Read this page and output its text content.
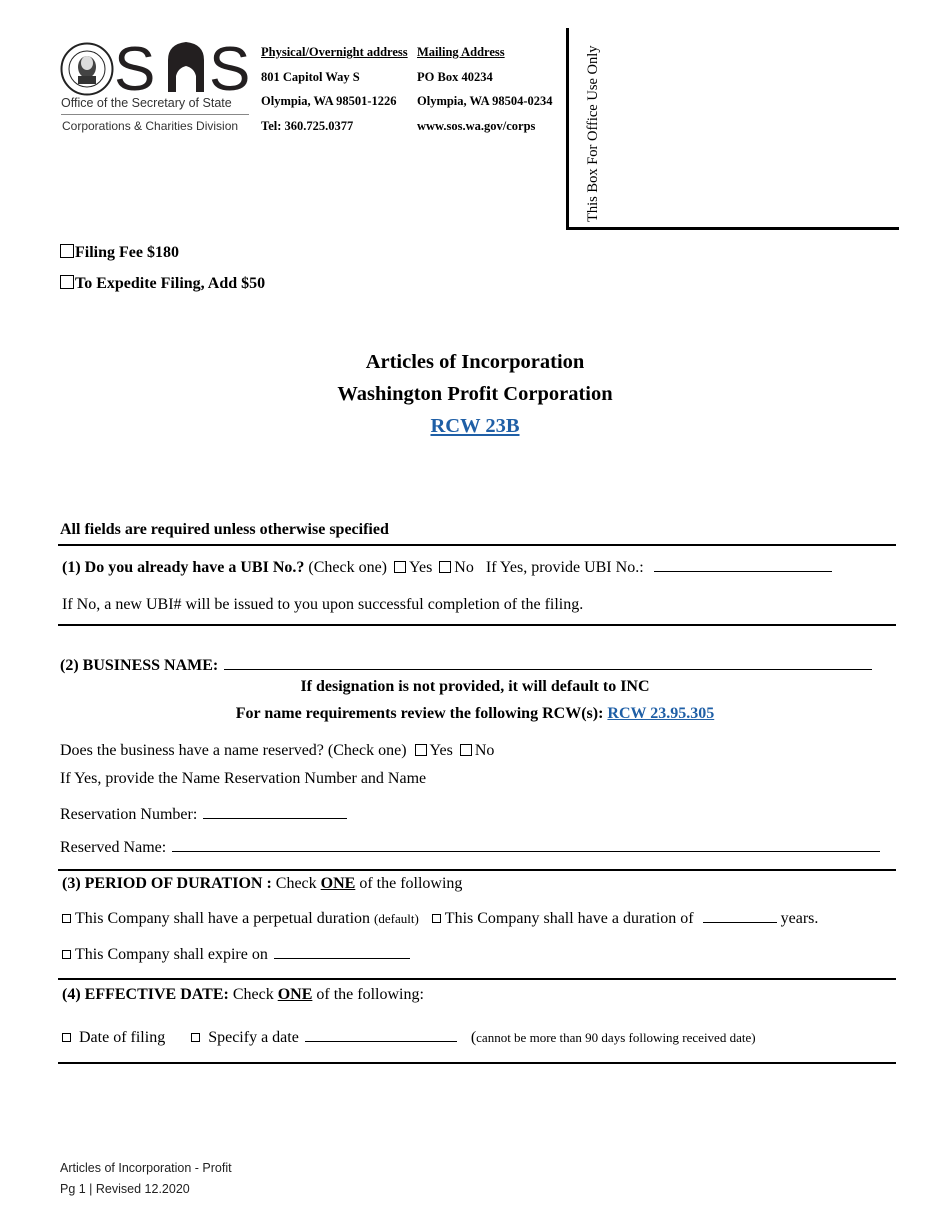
S S
Office of the Secretary of State
Corporations & Charities Division
Physical/Overnight address
801 Capitol Way S
Olympia, WA 98501-1226
Tel: 360.725.0377
Mailing Address
PO Box 40234
Olympia, WA 98504-0234
www.sos.wa.gov/corps	This Box For Office Use Only
Filing Fee $180
To Expedite Filing, Add $50
Articles of Incorporation
Washington Profit Corporation
RCW 23B
All fields are required unless otherwise specified
(1) Do you already have a UBI No.? (Check one) Yes No If Yes, provide UBI No.:
If No, a new UBI# will be issued to you upon successful completion of the filing.
(2) BUSINESS NAME:
If designation is not provided, it will default to INC
For name requirements review the following RCW(s): RCW 23.95.305
Does the business have a name reserved? (Check one) Yes No
If Yes, provide the Name Reservation Number and Name
Reservation Number:
Reserved Name:
(3) PERIOD OF DURATION : Check ONE of the following
This Company shall have a perpetual duration (default) This Company shall have a duration of	years.
This Company shall expire on
(4) EFFECTIVE DATE: Check ONE of the following:
Date of filing	Specify a date	(cannot be more than 90 days following received date)
Articles of Incorporation - Profit
Pg 1 | Revised 12.2020
